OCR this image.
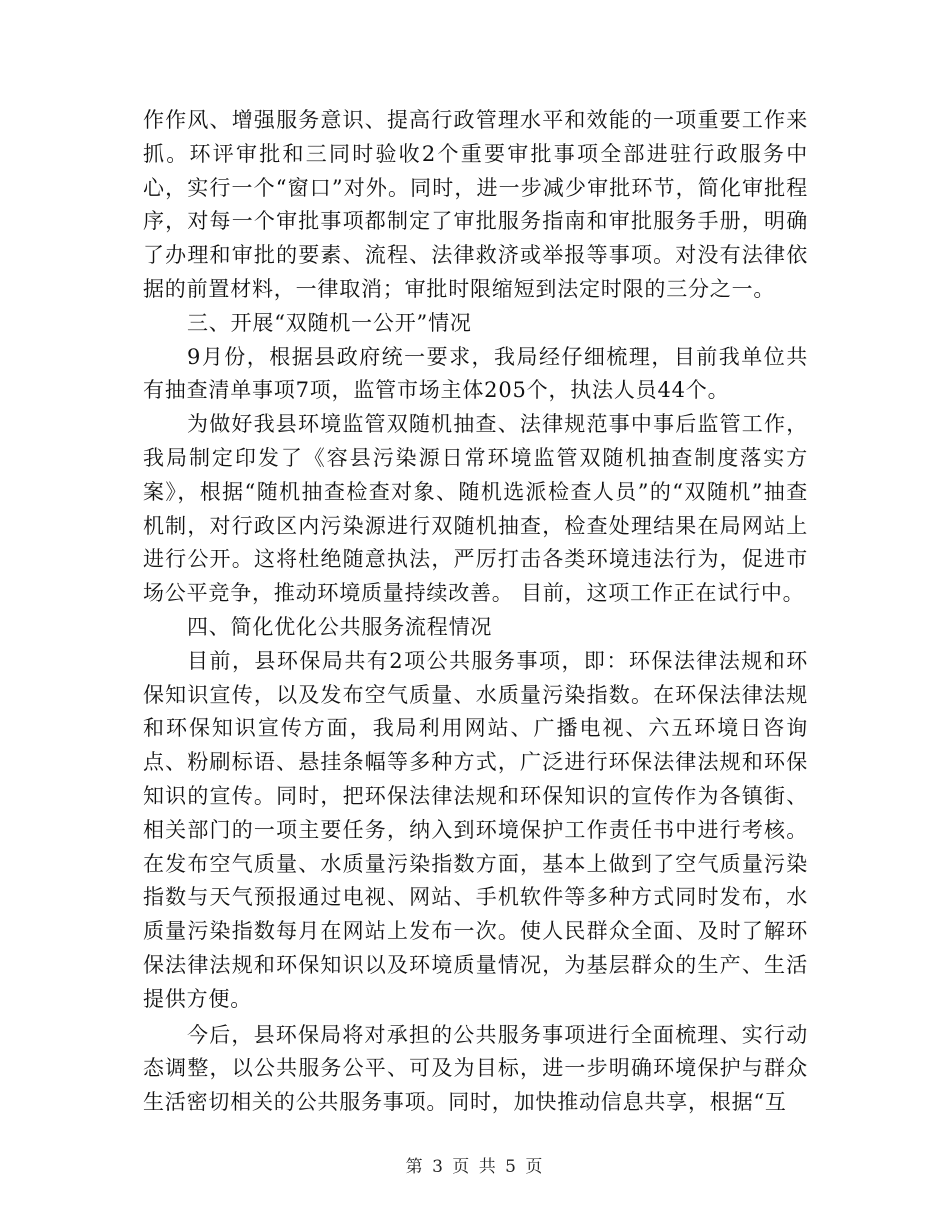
作作风、增强服务意识、提高行政管理水平和效能的一项重要工作来抓。环评审批和三同时验收2个重要审批事项全部进驻行政服务中心，实行一个“窗口”对外。同时，进一步减少审批环节，简化审批程序，对每一个审批事项都制定了审批服务指南和审批服务手册，明确了办理和审批的要素、流程、法律救济或举报等事项。对没有法律依据的前置材料，一律取消；审批时限缩短到法定时限的三分之一。

三、开展“双随机一公开”情况

9月份，根据县政府统一要求，我局经仔细梳理，目前我单位共有抽查清单事项7项，监管市场主体205个，执法人员44个。

为做好我县环境监管双随机抽查、法律规范事中事后监管工作，我局制定印发了《容县污染源日常环境监管双随机抽查制度落实方案》，根据“随机抽查检查对象、随机选派检查人员”的“双随机”抽查机制，对行政区内污染源进行双随机抽查，检查处理结果在局网站上进行公开。这将杜绝随意执法，严厉打击各类环境违法行为，促进市场公平竞争，推动环境质量持续改善。 目前，这项工作正在试行中。

四、简化优化公共服务流程情况

目前，县环保局共有2项公共服务事项，即：环保法律法规和环保知识宣传，以及发布空气质量、水质量污染指数。在环保法律法规和环保知识宣传方面，我局利用网站、广播电视、六五环境日咨询点、粉刷标语、悬挂条幅等多种方式，广泛进行环保法律法规和环保知识的宣传。同时，把环保法律法规和环保知识的宣传作为各镇街、相关部门的一项主要任务，纳入到环境保护工作责任书中进行考核。在发布空气质量、水质量污染指数方面，基本上做到了空气质量污染指数与天气预报通过电视、网站、手机软件等多种方式同时发布，水质量污染指数每月在网站上发布一次。使人民群众全面、及时了解环保法律法规和环保知识以及环境质量情况，为基层群众的生产、生活提供方便。

今后，县环保局将对承担的公共服务事项进行全面梳理、实行动态调整，以公共服务公平、可及为目标，进一步明确环境保护与群众生活密切相关的公共服务事项。同时，加快推动信息共享，根据“互

第 3 页 共 5 页
